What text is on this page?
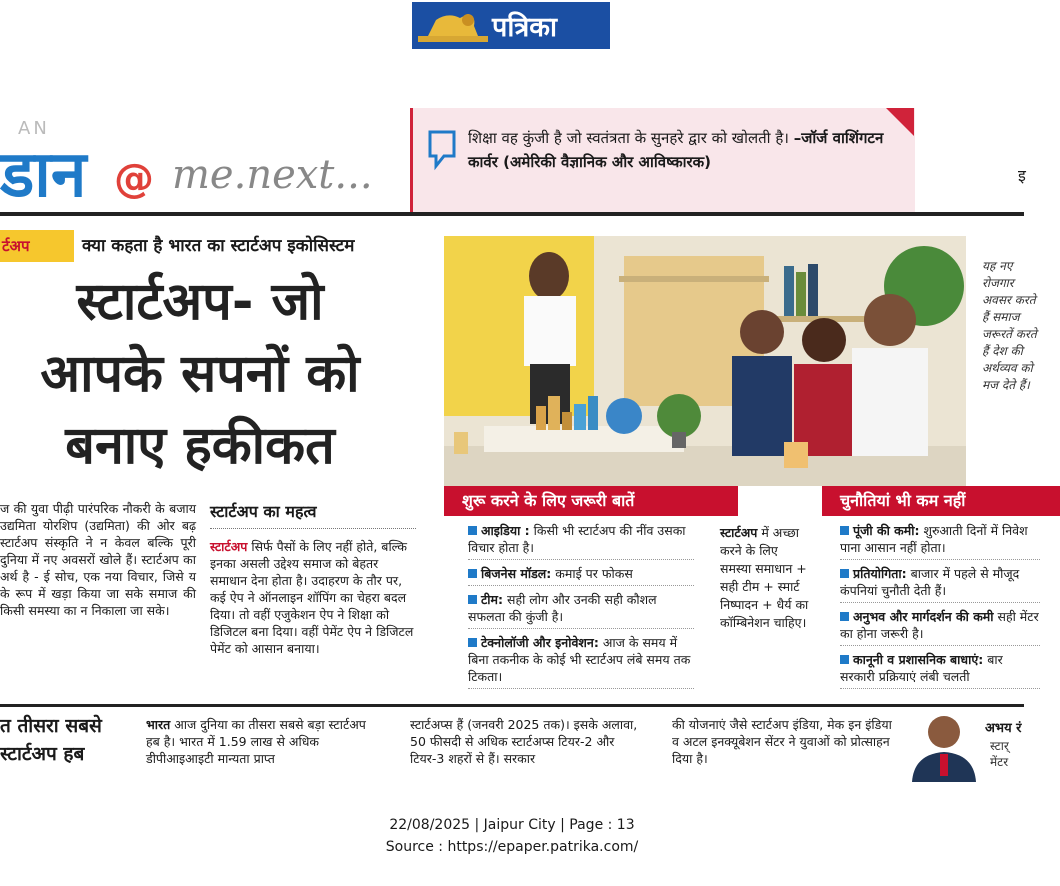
पत्रिका
AN
डान @ me.next...
शिक्षा वह कुंजी है जो स्वतंत्रता के सुनहरे द्वार को खोलती है। –जॉर्ज वाशिंगटन कार्वर (अमेरिकी वैज्ञानिक और आविष्कारक)
इ
र्टअप	क्या कहता है भारत का स्टार्टअप इकोसिस्टम
स्टार्टअप- जो
आपके सपनों को
बनाए हकीकत
यह नए रोजगार अवसर करते हैं समाज जरूरतें करते हैं देश की अर्थव्यव को मज देते हैं।
ज की युवा पीढ़ी पारंपरिक नौकरी के बजाय उद्यमिता योरशिप (उद्यमिता) की ओर बढ़ स्टार्टअप संस्कृति ने न केवल बल्कि पूरी दुनिया में नए अवसरों खोले हैं। स्टार्टअप का अर्थ है - ई सोच, एक नया विचार, जिसे य के रूप में खड़ा किया जा सके समाज की किसी समस्या का न निकाला जा सके।
स्टार्टअप का महत्व
स्टार्टअप सिर्फ पैसों के लिए नहीं होते, बल्कि इनका असली उद्देश्य समाज को बेहतर समाधान देना होता है। उदाहरण के तौर पर, कई ऐप ने ऑनलाइन शॉपिंग का चेहरा बदल दिया। तो वहीं एजुकेशन ऐप ने शिक्षा को डिजिटल बना दिया। वहीं पेमेंट ऐप ने डिजिटल पेमेंट को आसान बनाया।
शुरू करने के लिए जरूरी बातें
आइडिया : किसी भी स्टार्टअप की नींव उसका विचार होता है।
बिजनेस मॉडल: कमाई पर फोकस
टीम: सही लोग और उनकी सही कौशल सफलता की कुंजी है।
टेक्नोलॉजी और इनोवेशन: आज के समय में बिना तकनीक के कोई भी स्टार्टअप लंबे समय तक टिकता।
स्टार्टअप में अच्छा करने के लिए समस्या समाधान + सही टीम + स्मार्ट निष्पादन + धैर्य का कॉम्बिनेशन चाहिए।
चुनौतियां भी कम नहीं
पूंजी की कमी: शुरुआती दिनों में निवेश पाना आसान नहीं होता।
प्रतियोगिता: बाजार में पहले से मौजूद कंपनियां चुनौती देती हैं।
अनुभव और मार्गदर्शन की कमी सही मेंटर का होना जरूरी है।
कानूनी व प्रशासनिक बाधाएं: बार सरकारी प्रक्रियाएं लंबी चलती
त तीसरा सबसे
स्टार्टअप हब
भारत आज दुनिया का तीसरा सबसे बड़ा स्टार्टअप हब है। भारत में 1.59 लाख से अधिक डीपीआइआइटी मान्यता प्राप्त
स्टार्टअप्स हैं (जनवरी 2025 तक)। इसके अलावा, 50 फीसदी से अधिक स्टार्टअप्स टियर-2 और टियर-3 शहरों से हैं। सरकार
की योजनाएं जैसे स्टार्टअप इंडिया, मेक इन इंडिया व अटल इनक्यूबेशन सेंटर ने युवाओं को प्रोत्साहन दिया है।
अभय रं
स्टार्
मेंटर
22/08/2025 | Jaipur City | Page : 13
Source : https://epaper.patrika.com/
